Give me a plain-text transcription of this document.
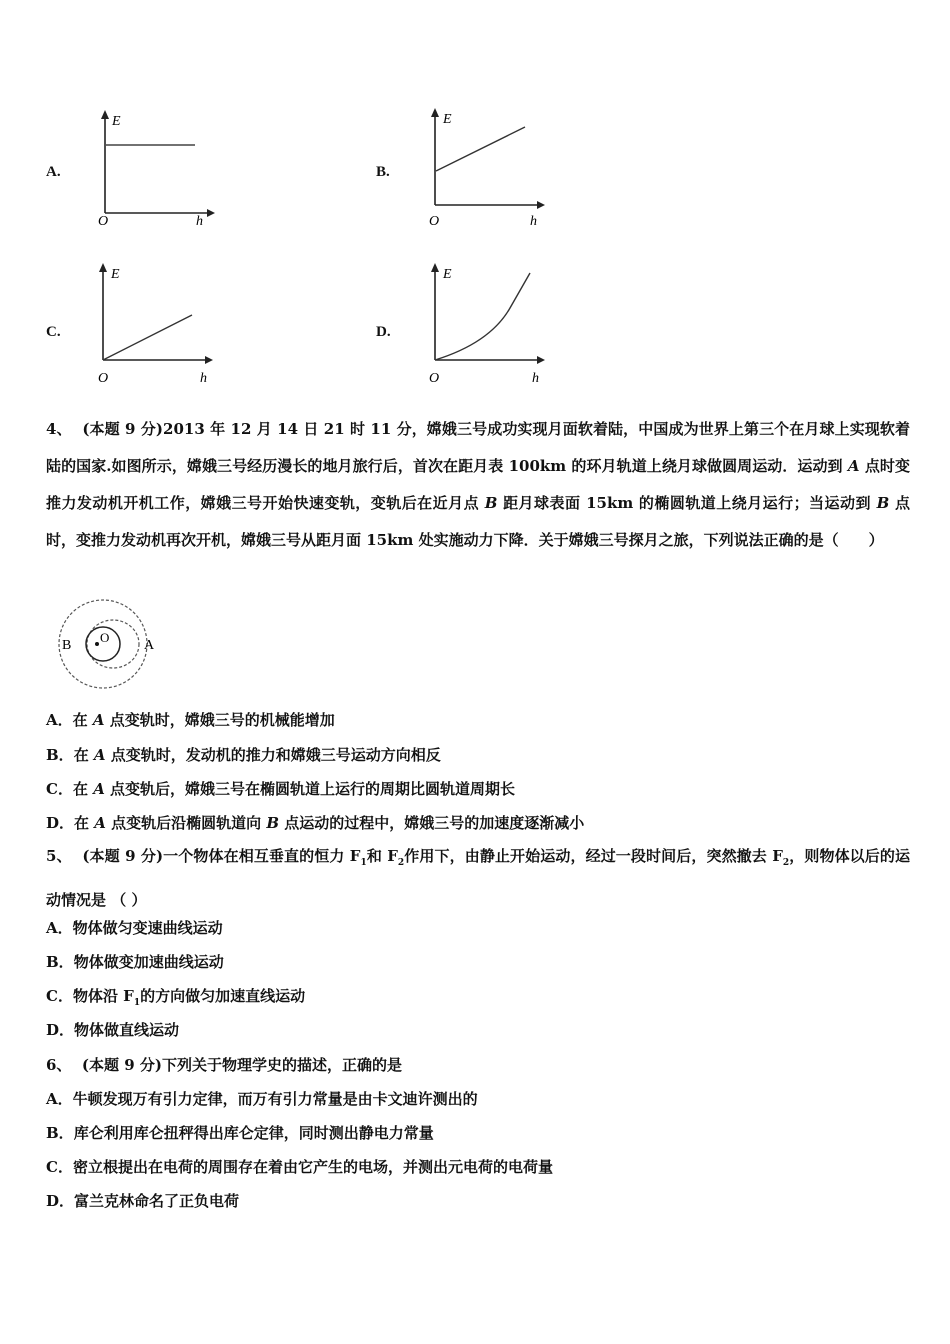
A.
E
O	h
B.
E
O	h
C.
E
O	h
D.
E
O	h
4、 (本题 9 分)2013 年 12 月 14 日 21 时 11 分，嫦娥三号成功实现月面软着陆，中国成为世界上第三个在月球上实现软着陆的国家.如图所示，嫦娥三号经历漫长的地月旅行后，首次在距月表 100km 的环月轨道上绕月球做圆周运动．运动到 A 点时变推力发动机开机工作，嫦娥三号开始快速变轨，变轨后在近月点 B 距月球表面 15km 的椭圆轨道上绕月运行；当运动到 B 点时，变推力发动机再次开机，嫦娥三号从距月面 15km 处实施动力下降．关于嫦娥三号探月之旅，下列说法正确的是（　　）
B
O
A
A．在 A 点变轨时，嫦娥三号的机械能增加
B．在 A 点变轨时，发动机的推力和嫦娥三号运动方向相反
C．在 A 点变轨后，嫦娥三号在椭圆轨道上运行的周期比圆轨道周期长
D．在 A 点变轨后沿椭圆轨道向 B 点运动的过程中，嫦娥三号的加速度逐渐减小
5、 (本题 9 分)一个物体在相互垂直的恒力 $F_1$和 $F_2$作用下，由静止开始运动，经过一段时间后，突然撤去 $F_2$，则物体以后的运动情况是 （ ）
A．物体做匀变速曲线运动
B．物体做变加速曲线运动
C．物体沿 $F_1$的方向做匀加速直线运动
D．物体做直线运动
6、 (本题 9 分)下列关于物理学史的描述，正确的是
A．牛顿发现万有引力定律，而万有引力常量是由卡文迪许测出的
B．库仑利用库仑扭秤得出库仑定律，同时测出静电力常量
C．密立根提出在电荷的周围存在着由它产生的电场，并测出元电荷的电荷量
D．富兰克林命名了正负电荷
